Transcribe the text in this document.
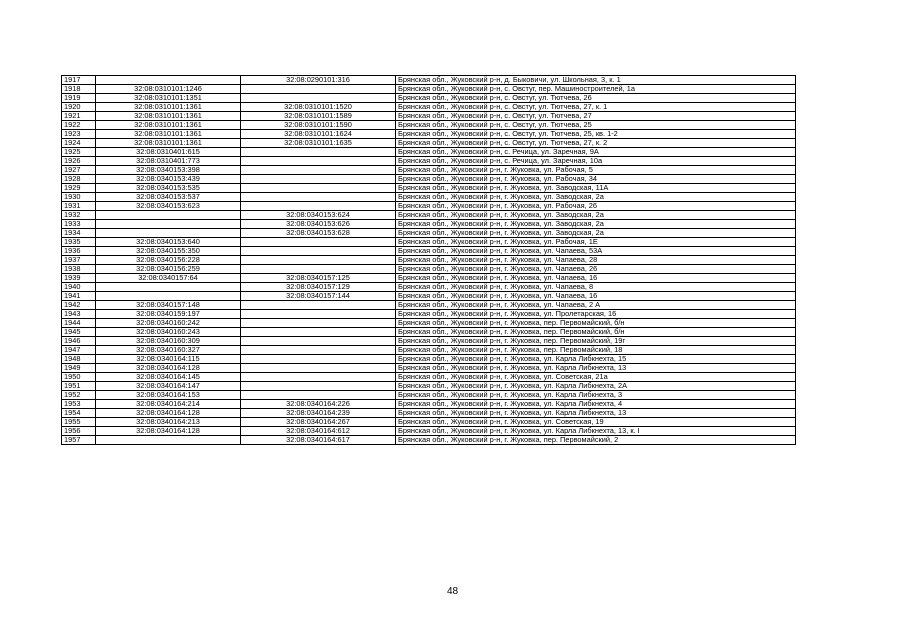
1917		32:08:0290101:316	Брянская обл., Жуковский р-н, д. Быковичи, ул. Школьная, 3, к. 1
1918	32:08:0310101:1246		Брянская обл., Жуковский р-н, с. Овстуг, пер. Машиностроителей, 1а
1919	32:08:0310101:1351		Брянская обл., Жуковский р-н, с. Овстуг, ул. Тютчева, 26
1920	32:08:0310101:1361	32:08:0310101:1520	Брянская обл., Жуковский р-н, с. Овстуг, ул. Тютчева, 27, к. 1
1921	32:08:0310101:1361	32:08:0310101:1589	Брянская обл., Жуковский р-н, с. Овстуг, ул. Тютчева, 27
1922	32:08:0310101:1361	32:08:0310101:1590	Брянская обл., Жуковский р-н, с. Овстуг, ул. Тютчева, 25
1923	32:08:0310101:1361	32:08:0310101:1624	Брянская обл., Жуковский р-н, с. Овстуг, ул. Тютчева, 25, кв. 1-2
1924	32:08:0310101:1361	32:08:0310101:1635	Брянская обл., Жуковский р-н, с. Овстуг, ул. Тютчева, 27, к. 2
1925	32:08:0310401:615		Брянская обл., Жуковский р-н, с. Речица, ул. Заречная, 9А
1926	32:08:0310401:773		Брянская обл., Жуковский р-н, с. Речица, ул. Заречная, 10а
1927	32:08:0340153:398		Брянская обл., Жуковский р-н, г. Жуковка, ул. Рабочая, 5
1928	32:08:0340153:439		Брянская обл., Жуковский р-н, г. Жуковка, ул. Рабочая, 34
1929	32:08:0340153:535		Брянская обл., Жуковский р-н, г. Жуковка, ул. Заводская, 11А
1930	32:08:0340153:537		Брянская обл., Жуковский р-н, г. Жуковка, ул. Заводская, 2а
1931	32:08:0340153:623		Брянская обл., Жуковский р-н, г. Жуковка, ул. Рабочая, 26
1932		32:08:0340153:624	Брянская обл., Жуковский р-н, г. Жуковка, ул. Заводская, 2а
1933		32:08:0340153:626	Брянская обл., Жуковский р-н, г. Жуковка, ул. Заводская, 2а
1934		32:08:0340153:628	Брянская обл., Жуковский р-н, г. Жуковка, ул. Заводская, 2а
1935	32:08:0340153:640		Брянская обл., Жуковский р-н, г. Жуковка, ул. Рабочая, 1Е
1936	32:08:0340155:350		Брянская обл., Жуковский р-н, г. Жуковка, ул. Чапаева, 53А
1937	32:08:0340156:228		Брянская обл., Жуковский р-н, г. Жуковка, ул. Чапаева, 28
1938	32:08:0340156:259		Брянская обл., Жуковский р-н, г. Жуковка, ул. Чапаева, 26
1939	32:08:0340157:64	32:08:0340157:125	Брянская обл., Жуковский р-н, г. Жуковка, ул. Чапаева, 16
1940		32:08:0340157:129	Брянская обл., Жуковский р-н, г. Жуковка, ул. Чапаева, 8
1941		32:08:0340157:144	Брянская обл., Жуковский р-н, г. Жуковка, ул. Чапаева, 16
1942	32:08:0340157:148		Брянская обл., Жуковский р-н, г. Жуковка, ул. Чапаева, 2 А
1943	32:08:0340159:197		Брянская обл., Жуковский р-н, г. Жуковка, ул. Пролетарская, 16
1944	32:08:0340160:242		Брянская обл., Жуковский р-н, г. Жуковка, пер. Первомайский, б/н
1945	32:08:0340160:243		Брянская обл., Жуковский р-н, г. Жуковка, пер. Первомайский, б/н
1946	32:08:0340160:309		Брянская обл., Жуковский р-н, г. Жуковка, пер. Первомайский, 19г
1947	32:08:0340160:327		Брянская обл., Жуковский р-н, г. Жуковка, пер. Первомайский, 18
1948	32:08:0340164:115		Брянская обл., Жуковский р-н, г. Жуковка, ул. Карла Либкнехта, 15
1949	32:08:0340164:128		Брянская обл., Жуковский р-н, г. Жуковка, ул. Карла Либкнехта, 13
1950	32:08:0340164:145		Брянская обл., Жуковский р-н, г. Жуковка, ул. Советская, 21а
1951	32:08:0340164:147		Брянская обл., Жуковский р-н, г. Жуковка, ул. Карла Либкнехта, 2А
1952	32:08:0340164:153		Брянская обл., Жуковский р-н, г. Жуковка, ул. Карла Либкнехта, 3
1953	32:08:0340164:214	32:08:0340164:226	Брянская обл., Жуковский р-н, г. Жуковка, ул. Карла Либкнехта, 4
1954	32:08:0340164:128	32:08:0340164:239	Брянская обл., Жуковский р-н, г. Жуковка, ул. Карла Либкнехта, 13
1955	32:08:0340164:213	32:08:0340164:267	Брянская обл., Жуковский р-н, г. Жуковка, ул. Советская, 19
1956	32:08:0340164:128	32:08:0340164:612	Брянская обл., Жуковский р-н, г. Жуковка, ул. Карла Либкнехта, 13, к. I
1957		32:08:0340164:617	Брянская обл., Жуковский р-н, г. Жуковка, пер. Первомайский, 2
48
